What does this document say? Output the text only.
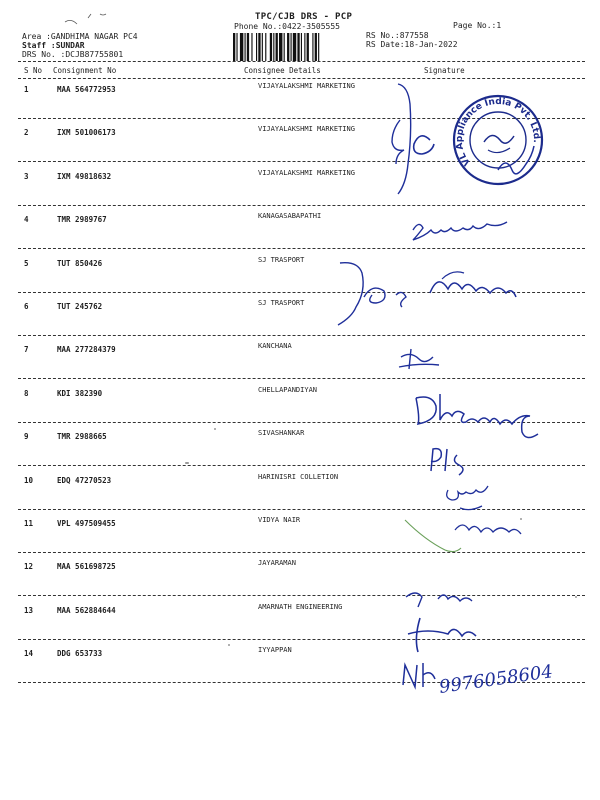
TPC/CJB DRS - PCP
Phone No.:0422-3505555	Page No.:1
Area :GANDHIMA NAGAR PC4
Staff :SUNDAR
DRS No. :DCJB87755801
RS No.:877558
RS Date:18-Jan-2022
S No Consignment No	Consignee Details	Signature
1	MAA 564772953	VIJAYALAKSHMI MARKETING
2	IXM 501006173	VIJAYALAKSHMI MARKETING
3	IXM 49818632	VIJAYALAKSHMI MARKETING
4	TMR 2989767	KANAGASABAPATHI
5	TUT 850426	SJ TRASPORT
6	TUT 245762	SJ TRASPORT
7	MAA 277284379	KANCHANA
8	KDI 382390	CHELLAPANDIYAN
9	TMR 2988665	SIVASHANKAR
10	EDQ 47270523	HARINISRI COLLETION
11	VPL 497509455	VIDYA NAIR
12	MAA 561698725	JAYARAMAN
13	MAA 562884644	AMARNATH ENGINEERING
14	DDG 653733	IYYAPPAN
VL Appliance India Pvt. Ltd.
9976058604
